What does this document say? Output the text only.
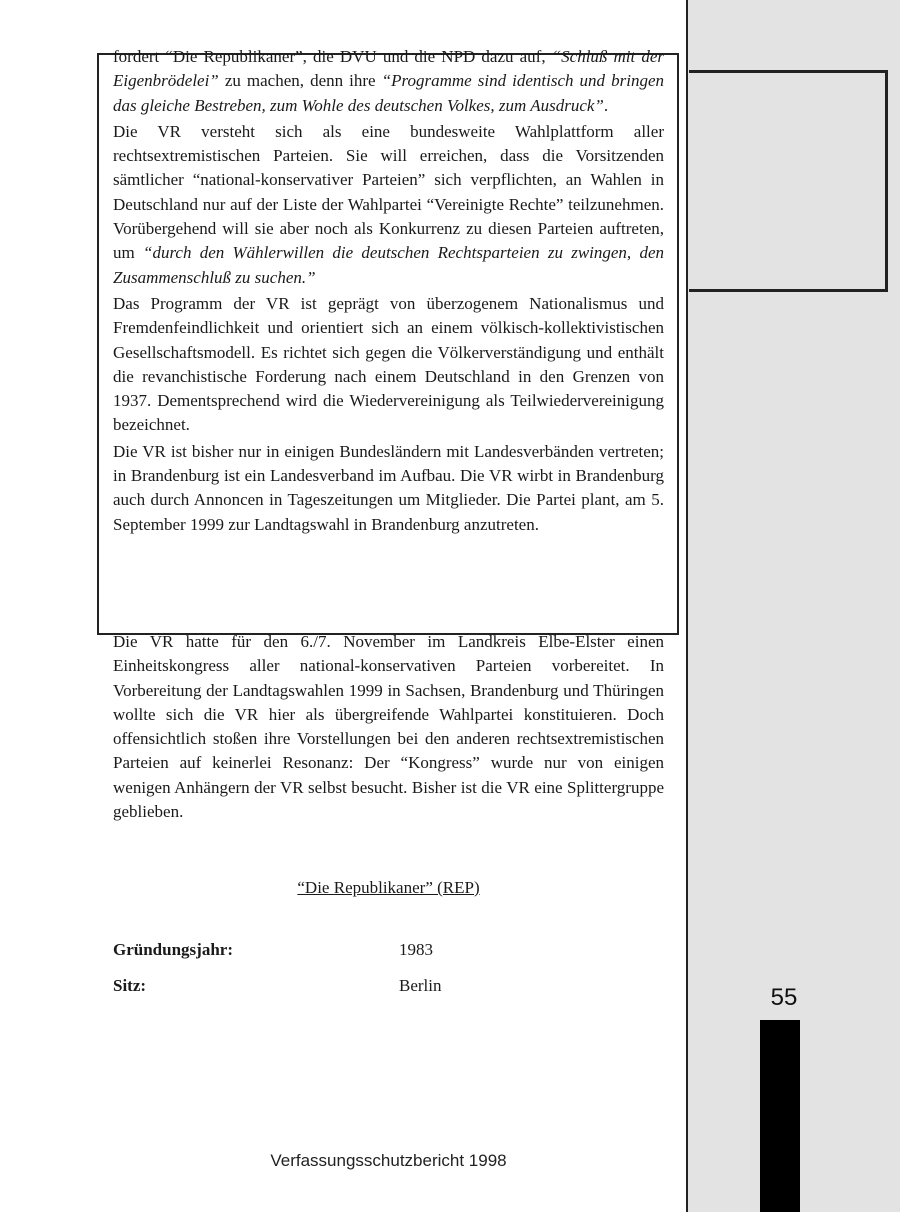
fordert “Die Republikaner”, die DVU und die NPD dazu auf, “Schluß mit der Eigenbrödelei” zu machen, denn ihre “Programme sind identisch und bringen das gleiche Bestreben, zum Wohle des deutschen Volkes, zum Ausdruck”.

Die VR versteht sich als eine bundesweite Wahlplattform aller rechtsextremistischen Parteien. Sie will erreichen, dass die Vorsitzenden sämtlicher “national-konservativer Parteien” sich verpflichten, an Wahlen in Deutschland nur auf der Liste der Wahlpartei “Vereinigte Rechte” teilzunehmen. Vorübergehend will sie aber noch als Konkurrenz zu diesen Parteien auftreten, um “durch den Wählerwillen die deutschen Rechtsparteien zu zwingen, den Zusammenschluß zu suchen.”

Das Programm der VR ist geprägt von überzogenem Nationalismus und Fremdenfeindlichkeit und orientiert sich an einem völkisch-kollektivistischen Gesellschaftsmodell. Es richtet sich gegen die Völkerverständigung und enthält die revanchistische Forderung nach einem Deutschland in den Grenzen von 1937. Dementsprechend wird die Wiedervereinigung als Teilwiedervereinigung bezeichnet.

Die VR ist bisher nur in einigen Bundesländern mit Landesverbänden vertreten; in Brandenburg ist ein Landesverband im Aufbau. Die VR wirbt in Brandenburg auch durch Annoncen in Tageszeitungen um Mitglieder. Die Partei plant, am 5. September 1999 zur Landtagswahl in Brandenburg anzutreten.

Die VR hatte für den 6./7. November im Landkreis Elbe-Elster einen Einheitskongress aller national-konservativen Parteien vorbereitet. In Vorbereitung der Landtagswahlen 1999 in Sachsen, Brandenburg und Thüringen wollte sich die VR hier als übergreifende Wahlpartei konstituieren. Doch offensichtlich stoßen ihre Vorstellungen bei den anderen rechtsextremistischen Parteien auf keinerlei Resonanz: Der “Kongress” wurde nur von einigen wenigen Anhängern der VR selbst besucht. Bisher ist die VR eine Splittergruppe geblieben.

“Die Republikaner” (REP)
Gründungsjahr:	1983
Sitz:	Berlin
Verfassungsschutzbericht 1998
55
